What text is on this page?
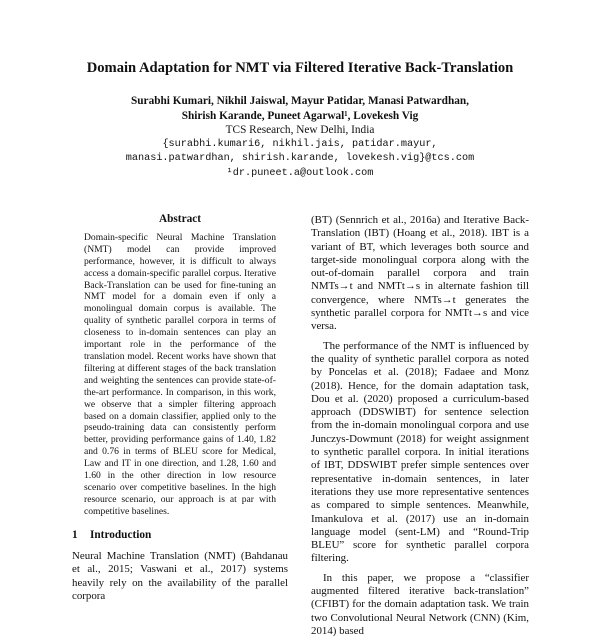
Domain Adaptation for NMT via Filtered Iterative Back-Translation
Surabhi Kumari, Nikhil Jaiswal, Mayur Patidar, Manasi Patwardhan,
Shirish Karande, Puneet Agarwal¹, Lovekesh Vig
TCS Research, New Delhi, India
{surabhi.kumari6, nikhil.jais, patidar.mayur,
manasi.patwardhan, shirish.karande, lovekesh.vig}@tcs.com
¹dr.puneet.a@outlook.com
Abstract
Domain-specific Neural Machine Translation (NMT) model can provide improved performance, however, it is difficult to always access a domain-specific parallel corpus. Iterative Back-Translation can be used for fine-tuning an NMT model for a domain even if only a monolingual domain corpus is available. The quality of synthetic parallel corpora in terms of closeness to in-domain sentences can play an important role in the performance of the translation model. Recent works have shown that filtering at different stages of the back translation and weighting the sentences can provide state-of-the-art performance. In comparison, in this work, we observe that a simpler filtering approach based on a domain classifier, applied only to the pseudo-training data can consistently perform better, providing performance gains of 1.40, 1.82 and 0.76 in terms of BLEU score for Medical, Law and IT in one direction, and 1.28, 1.60 and 1.60 in the other direction in low resource scenario over competitive baselines. In the high resource scenario, our approach is at par with competitive baselines.
1 Introduction
Neural Machine Translation (NMT) (Bahdanau et al., 2015; Vaswani et al., 2017) systems heavily rely on the availability of the parallel corpora

(BT) (Sennrich et al., 2016a) and Iterative Back-Translation (IBT) (Hoang et al., 2018). IBT is a variant of BT, which leverages both source and target-side monolingual corpora along with the out-of-domain parallel corpora and train NMTs→t and NMTt→s in alternate fashion till convergence, where NMTs→t generates the synthetic parallel corpora for NMTt→s and vice versa.

The performance of the NMT is influenced by the quality of synthetic parallel corpora as noted by Poncelas et al. (2018); Fadaee and Monz (2018). Hence, for the domain adaptation task, Dou et al. (2020) proposed a curriculum-based approach (DDSWIBT) for sentence selection from the in-domain monolingual corpora and use Junczys-Dowmunt (2018) for weight assignment to synthetic parallel corpora. In initial iterations of IBT, DDSWIBT prefer simple sentences over representative in-domain sentences, in later iterations they use more representative sentences as compared to simple sentences. Meanwhile, Imankulova et al. (2017) use an in-domain language model (sent-LM) and “Round-Trip BLEU” score for synthetic parallel corpora filtering.

In this paper, we propose a “classifier augmented filtered iterative back-translation” (CFIBT) for the domain adaptation task. We train two Convolutional Neural Network (CNN) (Kim, 2014) based
